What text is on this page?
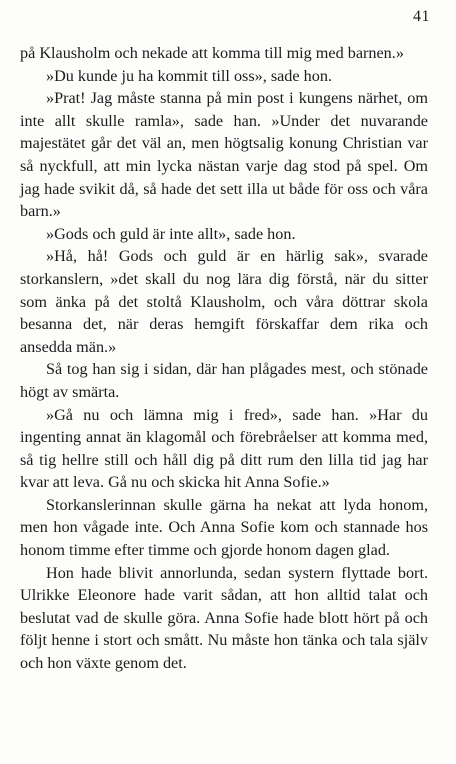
41

på Klausholm och nekade att komma till mig med barnen.»

»Du kunde ju ha kommit till oss», sade hon.

»Prat! Jag måste stanna på min post i kungens närhet, om inte allt skulle ramla», sade han. »Under det nuvarande majestätet går det väl an, men högtsalig konung Christian var så nyckfull, att min lycka nästan varje dag stod på spel. Om jag hade svikit då, så hade det sett illa ut både för oss och våra barn.»

»Gods och guld är inte allt», sade hon.

»Hå, hå! Gods och guld är en härlig sak», svarade storkanslern, »det skall du nog lära dig förstå, när du sitter som änka på det stoltå Klausholm, och våra döttrar skola besanna det, när deras hemgift förskaffar dem rika och ansedda män.»

Så tog han sig i sidan, där han plågades mest, och stönade högt av smärta.

»Gå nu och lämna mig i fred», sade han. »Har du ingenting annat än klagomål och förebråelser att komma med, så tig hellre still och håll dig på ditt rum den lilla tid jag har kvar att leva. Gå nu och skicka hit Anna Sofie.»

Storkanslerinnan skulle gärna ha nekat att lyda honom, men hon vågade inte. Och Anna Sofie kom och stannade hos honom timme efter timme och gjorde honom dagen glad.

Hon hade blivit annorlunda, sedan systern flyttade bort. Ulrikke Eleonore hade varit sådan, att hon alltid talat och beslutat vad de skulle göra. Anna Sofie hade blott hört på och följt henne i stort och smått. Nu måste hon tänka och tala själv och hon växte genom det.
